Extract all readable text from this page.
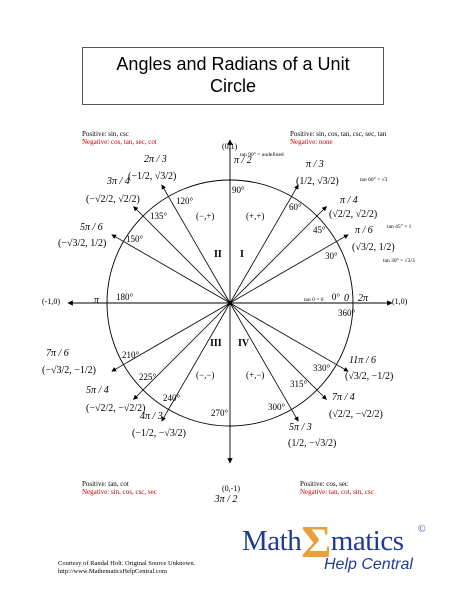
Angles and Radians of a Unit
Circle
Positive: sin, csc
Negative: cos, tan, sec, cot
Positive: sin, cos, tan, csc, sec, tan
Negative: none
Positive: tan, cot
Negative: sin, cos, csc, sec
Positive: cos, sec
Negative: tan, cot, sin, csc
0° 0
30°
π / 6
(√3/2, 1/2)
45°
π / 4
(√2/2, √2/2)
60°
π / 3
(1/2, √3/2)
90°
π / 2
120°
2π / 3
(−1/2, √3/2)
135°
3π / 4
(−√2/2, √2/2)
150°
5π / 6
(−√3/2, 1/2)
180°
π
210°
7π / 6
(−√3/2, −1/2)
225°
5π / 4
(−√2/2, −√2/2)
240°
4π / 3
(−1/2, −√3/2)
270°
3π / 2
300°
5π / 3
(1/2, −√3/2)
315°
7π / 4
(√2/2, −√2/2)
330°
11π / 6
(√3/2, −1/2)
360°
2π
(0,1)
(0,-1)
(-1,0)	(1,0)
I
II
III IV
(+,+)
(−,+)
(−,−)	(+,−)
tan 90° = undefined
tan 60° = √3
tan 45° = 1
tan 30° = √3/3
tan 0 = 0
Courtesy of Randal Holt. Original Source Unknown.
http://www.MathematicsHelpCentral.com
MathΣmatics
Help Central
©
